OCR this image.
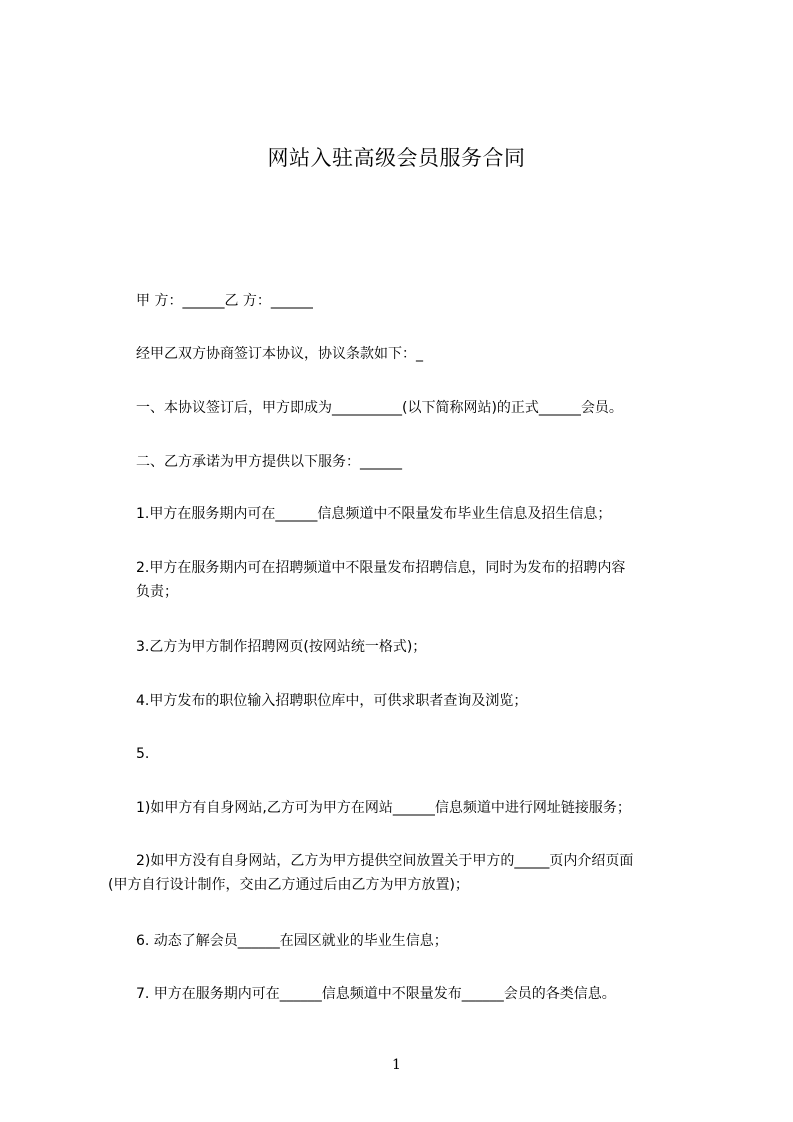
网站入驻高级会员服务合同

甲 方：______乙 方：______

经甲乙双方协商签订本协议，协议条款如下：_

一、本协议签订后，甲方即成为__________(以下简称网站)的正式______会员。

二、乙方承诺为甲方提供以下服务：______

1.甲方在服务期内可在______信息频道中不限量发布毕业生信息及招生信息；

2.甲方在服务期内可在招聘频道中不限量发布招聘信息，同时为发布的招聘内容
负责；

3.乙方为甲方制作招聘网页(按网站统一格式)；

4.甲方发布的职位输入招聘职位库中，可供求职者查询及浏览；

5.

1)如甲方有自身网站,乙方可为甲方在网站______信息频道中进行网址链接服务；

2)如甲方没有自身网站，乙方为甲方提供空间放置关于甲方的_____页内介绍页面
(甲方自行设计制作，交由乙方通过后由乙方为甲方放置)；

6. 动态了解会员______在园区就业的毕业生信息；

7. 甲方在服务期内可在______信息频道中不限量发布______会员的各类信息。

1
